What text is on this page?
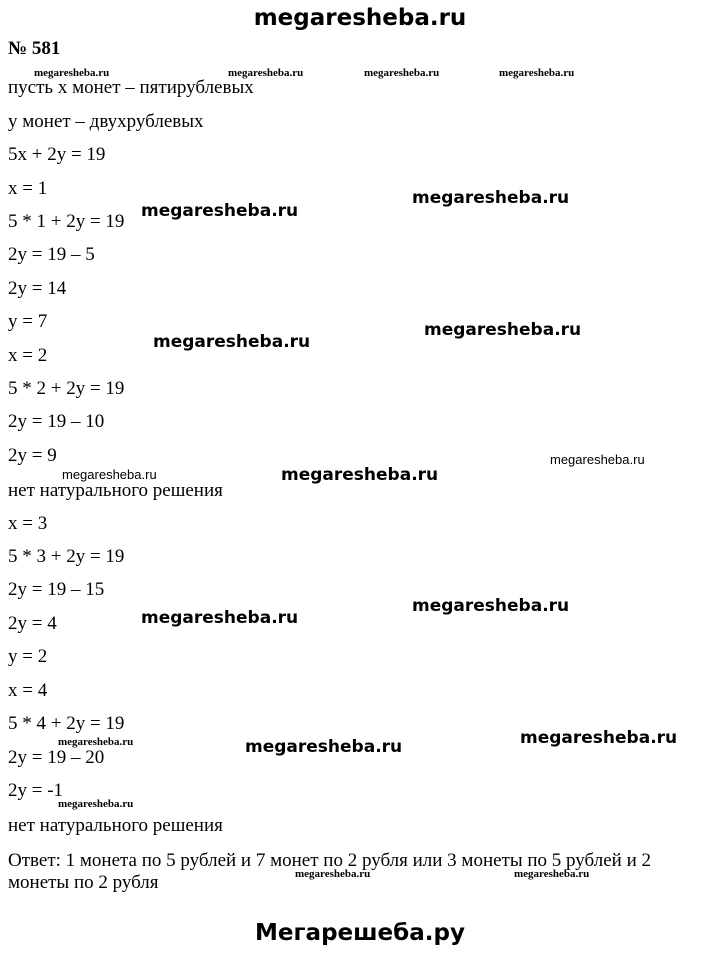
megaresheba.ru
№ 581
megaresheba.ru	megaresheba.ru	megaresheba.ru	megaresheba.ru
пусть х монет – пятирублевых
у монет – двухрублевых
5х + 2у = 19
х = 1
5 * 1 + 2у = 19
2у = 19 – 5
2у = 14
у = 7
х = 2
5 * 2 + 2у = 19
2у = 19 – 10
2у = 9
нет натурального решения
х = 3
5 * 3 + 2у = 19
2у = 19 – 15
2у = 4
у = 2
х = 4
5 * 4 + 2у = 19
2у = 19 – 20
2у = -1
нет натурального решения
Ответ: 1 монета по 5 рублей и 7 монет по 2 рубля или 3 монеты по 5 рублей и 2 монеты по 2 рубля
megaresheba.ru
megaresheba.ru
megaresheba.ru
megaresheba.ru
megaresheba.ru
megaresheba.ru
megaresheba.ru
megaresheba.ru	megaresheba.ru
megaresheba.ru
megaresheba.ru
megaresheba.ru
megaresheba.ru
megaresheba.ru	megaresheba.ru
Мегарешеба.ру
